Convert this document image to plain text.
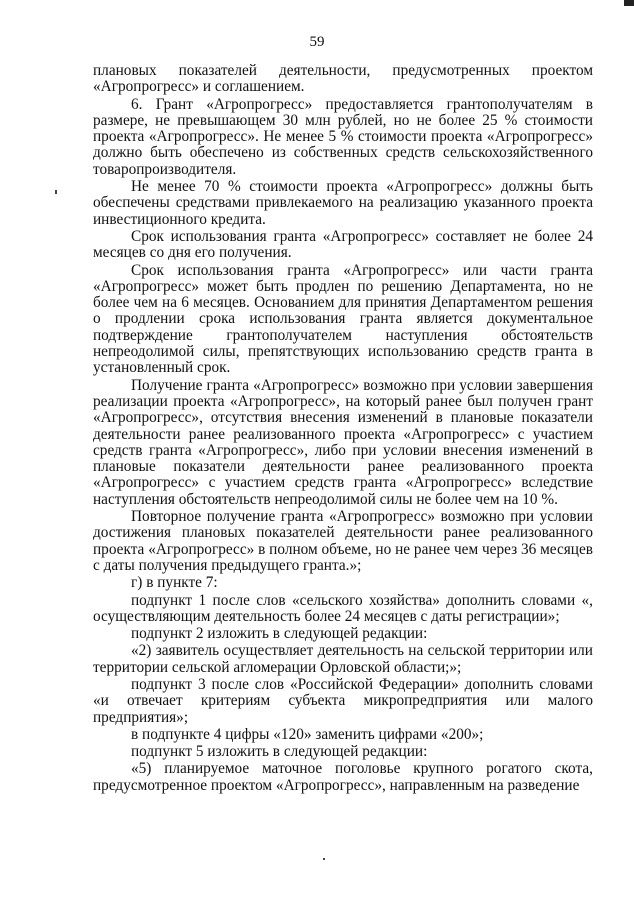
59

плановых показателей деятельности, предусмотренных проектом «Агропрогресс» и соглашением.

6. Грант «Агропрогресс» предоставляется грантополучателям в размере, не превышающем 30 млн рублей, но не более 25 % стоимости проекта «Агропрогресс». Не менее 5 % стоимости проекта «Агропрогресс» должно быть обеспечено из собственных средств сельскохозяйственного товаропроизводителя.

Не менее 70 % стоимости проекта «Агропрогресс» должны быть обеспечены средствами привлекаемого на реализацию указанного проекта инвестиционного кредита.

Срок использования гранта «Агропрогресс» составляет не более 24 месяцев со дня его получения.

Срок использования гранта «Агропрогресс» или части гранта «Агропрогресс» может быть продлен по решению Департамента, но не более чем на 6 месяцев. Основанием для принятия Департаментом решения о продлении срока использования гранта является документальное подтверждение грантополучателем наступления обстоятельств непреодолимой силы, препятствующих использованию средств гранта в установленный срок.

Получение гранта «Агропрогресс» возможно при условии завершения реализации проекта «Агропрогресс», на который ранее был получен грант «Агропрогресс», отсутствия внесения изменений в плановые показатели деятельности ранее реализованного проекта «Агропрогресс» с участием средств гранта «Агропрогресс», либо при условии внесения изменений в плановые показатели деятельности ранее реализованного проекта «Агропрогресс» с участием средств гранта «Агропрогресс» вследствие наступления обстоятельств непреодолимой силы не более чем на 10 %.

Повторное получение гранта «Агропрогресс» возможно при условии достижения плановых показателей деятельности ранее реализованного проекта «Агропрогресс» в полном объеме, но не ранее чем через 36 месяцев с даты получения предыдущего гранта.»;

г) в пункте 7:

подпункт 1 после слов «сельского хозяйства» дополнить словами «, осуществляющим деятельность более 24 месяцев с даты регистрации»;

подпункт 2 изложить в следующей редакции:

«2) заявитель осуществляет деятельность на сельской территории или территории сельской агломерации Орловской области;»;

подпункт 3 после слов «Российской Федерации» дополнить словами «и отвечает критериям субъекта микропредприятия или малого предприятия»;

в подпункте 4 цифры «120» заменить цифрами «200»;

подпункт 5 изложить в следующей редакции:

«5) планируемое маточное поголовье крупного рогатого скота, предусмотренное проектом «Агропрогресс», направленным на разведение
